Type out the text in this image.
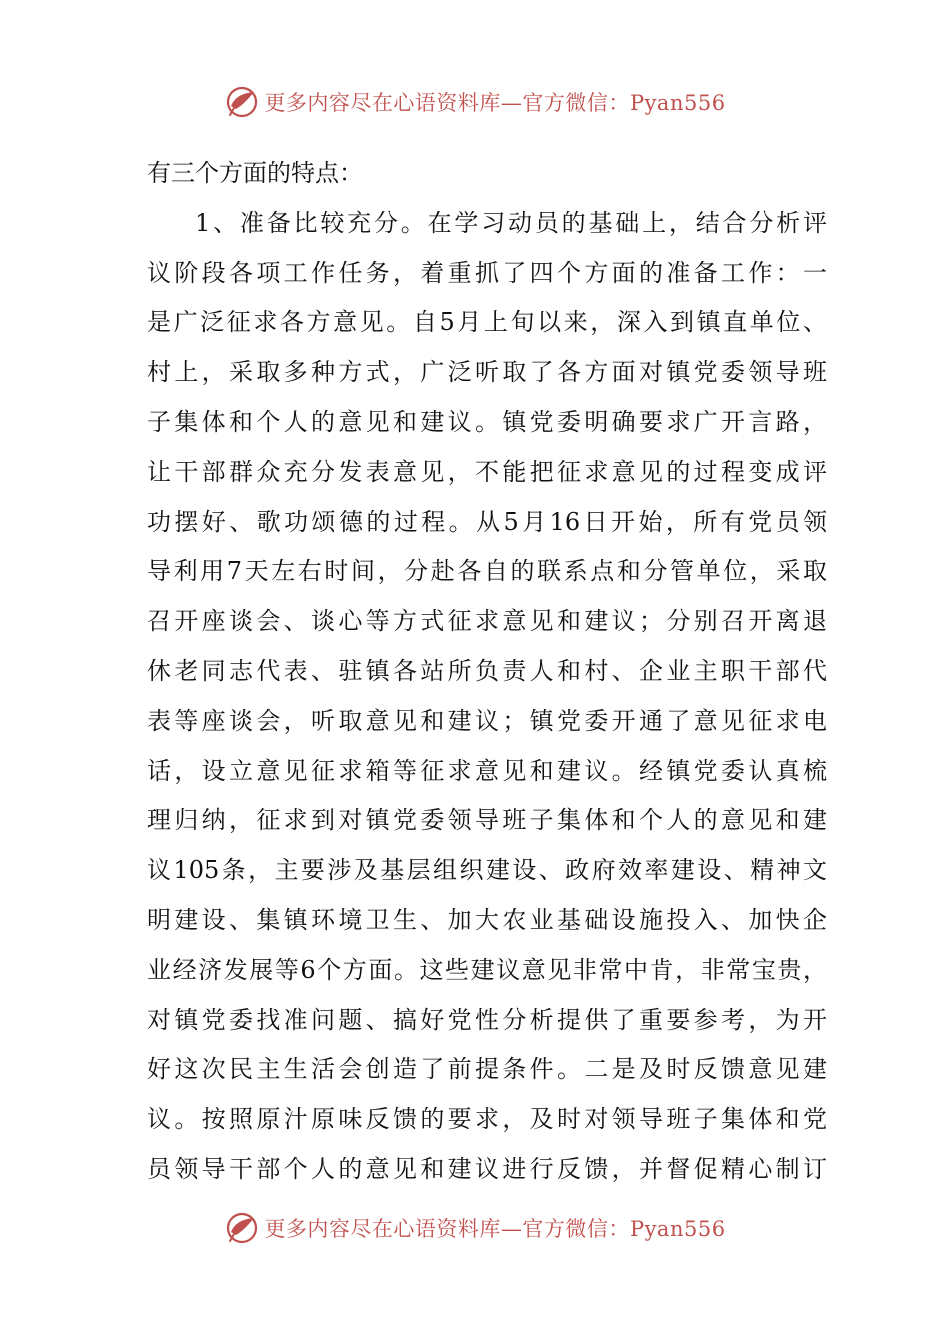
更多内容尽在心语资料库—官方微信：Pyan556
有三个方面的特点：
1、准备比较充分。在学习动员的基础上，结合分析评
议阶段各项工作任务，着重抓了四个方面的准备工作：一
是广泛征求各方意见。自5月上旬以来，深入到镇直单位、
村上，采取多种方式，广泛听取了各方面对镇党委领导班
子集体和个人的意见和建议。镇党委明确要求广开言路，
让干部群众充分发表意见，不能把征求意见的过程变成评
功摆好、歌功颂德的过程。从5月16日开始，所有党员领
导利用7天左右时间，分赴各自的联系点和分管单位，采取
召开座谈会、谈心等方式征求意见和建议；分别召开离退
休老同志代表、驻镇各站所负责人和村、企业主职干部代
表等座谈会，听取意见和建议；镇党委开通了意见征求电
话，设立意见征求箱等征求意见和建议。经镇党委认真梳
理归纳，征求到对镇党委领导班子集体和个人的意见和建
议105条，主要涉及基层组织建设、政府效率建设、精神文
明建设、集镇环境卫生、加大农业基础设施投入、加快企
业经济发展等6个方面。这些建议意见非常中肯，非常宝贵，
对镇党委找准问题、搞好党性分析提供了重要参考，为开
好这次民主生活会创造了前提条件。二是及时反馈意见建
议。按照原汁原味反馈的要求，及时对领导班子集体和党
员领导干部个人的意见和建议进行反馈，并督促精心制订
更多内容尽在心语资料库—官方微信：Pyan556
